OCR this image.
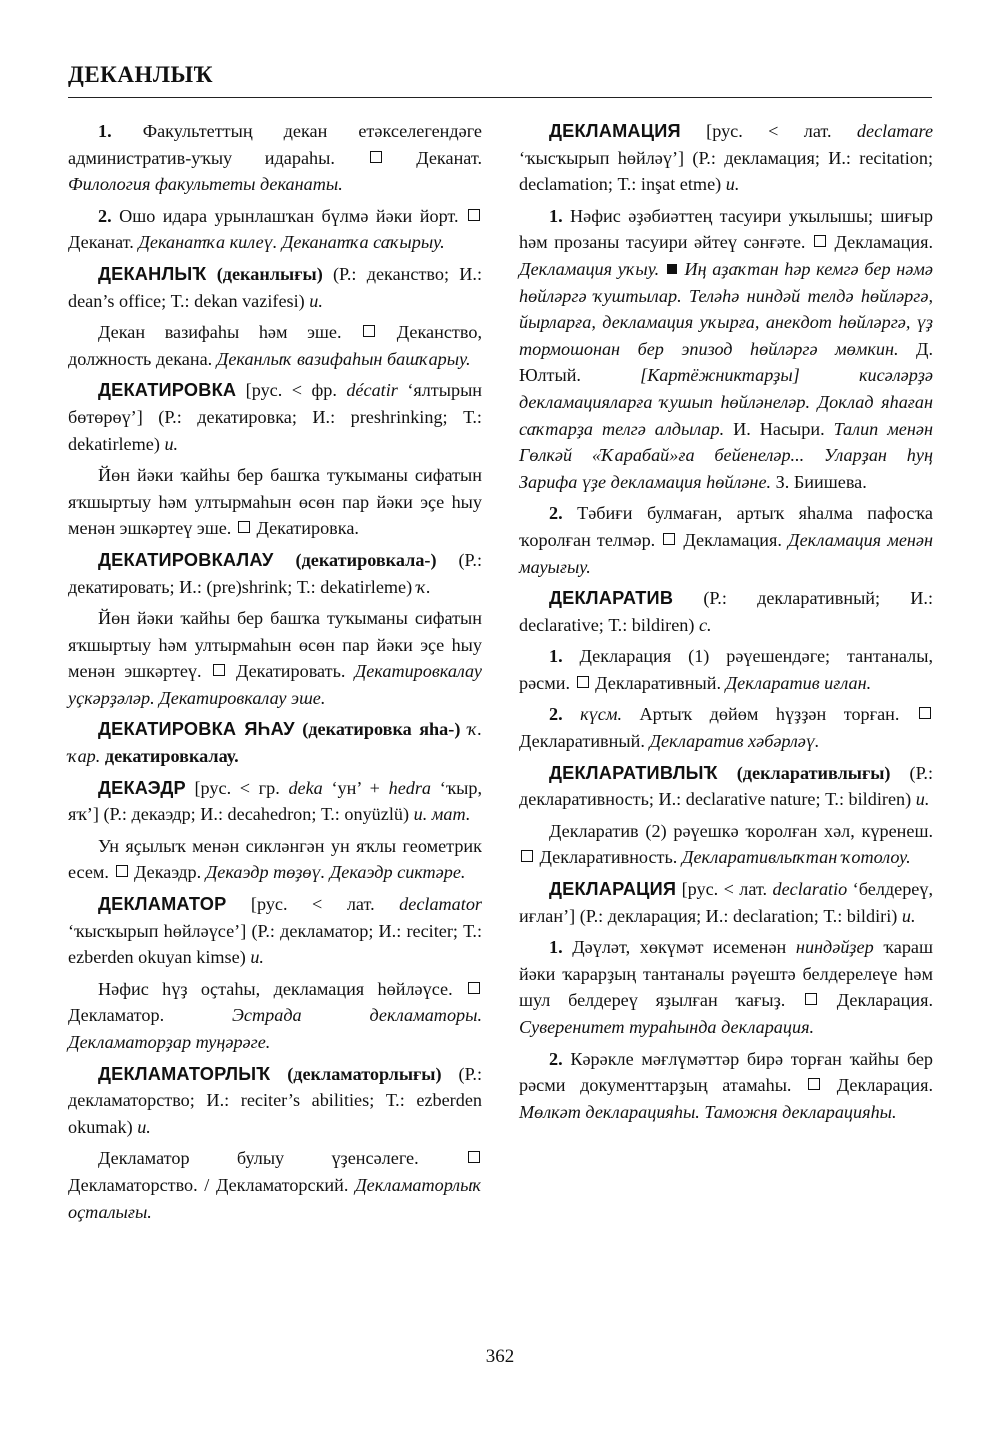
ДЕКАНЛЫҠ

1. Факультеттың декан етәкселегендәге административ-уҡыу идараһы.	Деканат. Филология факультеты деканаты.

2. Ошо идара урынлашҡан бүлмә йәки йорт.  Деканат. Деканатҡа килеү. Деканатҡа саҡырыу.

ДЕКАНЛЫҠ (деканлығы) (Р.: деканство; И.: dean’s office; Т.: dekan vazifesi) и.

Декан вазифаһы һәм эше.	Деканство, должность декана. Деканлыҡ вазифаһын башҡарыу.

ДЕКАТИРОВКА [рус. < фр. décatir ‘ялтырын бөтөрөү’] (Р.: декатировка; И.: preshrinking; Т.: dekatirleme) и.

Йөн йәки ҡайһы бер башҡа туҡыманы сифатын яҡшыртыу һәм ултырмаһын өсөн пар йәки эҫе һыу менән эшкәртеү эше. Декатировка.

ДЕКАТИРОВКАЛАУ (декатировкала-) (Р.: декатировать; И.: (pre)shrink; Т.: dekatirleme) ҡ.

Йөн йәки ҡайһы бер башҡа туҡыманы сифатын яҡшыртыу һәм ултырмаһын өсөн пар йәки эҫе һыу менән эшкәртеү. Декатировать. Декатировкалау уҫкәрҙәләр. Декатировкалау эше.

ДЕКАТИРОВКА ЯҺАУ (декатировка яһа-) ҡ. ҡар. декатировкалау.

ДЕКАЭДР [рус. < гр. deka ‘ун’ + hedra ‘ҡыр, яҡ’] (Р.: декаэдр; И.: decahedron; Т.: onyüzlü) и. мат.

Ун яҫылыҡ менән сикләнгән ун яҡлы геометрик есем. Декаэдр. Декаэдр төҙөү. Декаэдр сиктәре.

ДЕКЛАМАТОР [рус. < лат. declamator ‘ҡысҡырып һөйләүсе’] (Р.: декламатор; И.: reciter; Т.: ezberden okuyan kimse) и.

Нәфис һүҙ оҫтаһы, декламация һөйләүсе.  Декламатор.	Эстрада декламаторы. Декламаторҙар туңәрәге.

ДЕКЛАМАТОРЛЫҠ (декламаторлығы) (Р.: декламаторство; И.: reciter’s abilities; Т.: ezberden okumak) и.

Декламатор булыу үҙенсәлеге.  Декламаторство. / Декламаторский. Декламаторлыҡ оҫталығы.

ДЕКЛАМАЦИЯ [рус. < лат. declamare ‘ҡысҡырып һөйләү’] (Р.: декламация; И.: recitation; declamation; Т.: inşat etme) и.

1. Нәфис әҙәбиәттең тасуири уҡылышы; шиғыр һәм прозаны тасуири әйтеү сәнғәте. Декламация. Декламация уҡыу. Иң аҙаҡтан һәр кемгә бер нәмә һөйләргә ҡуштылар. Теләһә ниндәй телдә һөйләргә, йырларға, декламация уҡырға, анекдот һөйләргә, үҙ тормошонан бер эпизод һөйләргә мөмкин. Д. Юлтый.	[Картёжниктарҙы] кисәләрҙә декламацияларға ҡушып һөйләнеләр. Доклад яһаған саҡтарҙа телгә алдылар. И. Насыри. Талип менән Гөлкәй «Ҡарабай»ға бейенеләр... Уларҙан һуң Зарифа үҙе декламация һөйләне. З. Биишева.

2. Тәбиғи булмаған, артыҡ яһалма пафосҡа ҡоролған телмәр. Декламация. Декламация менән мауығыу.

ДЕКЛАРАТИВ (Р.: декларативный; И.: declarative; Т.: bildiren) с.

1. Декларация (1) рәүешендәге; тантаналы, рәсми. Декларативный. Декларатив иғлан.

2. күсм. Артыҡ дөйөм һүҙҙән торған.  Декларативный. Декларатив хәбәрләү.

ДЕКЛАРАТИВЛЫҠ (декларативлығы) (Р.: декларативность; И.: declarative nature; Т.: bildiren) и.

Декларатив (2) рәүешкә ҡоролған хәл, күренеш.  Декларативность. Декларативлыҡтан ҡотолоу.

ДЕКЛАРАЦИЯ [рус. < лат. declaratio ‘белдереү, иғлан’] (Р.: декларация; И.: declaration; Т.: bildiri) и.

1. Дәүләт, хөкүмәт исеменән ниндәйҙер ҡараш йәки ҡарарҙың тантаналы рәүештә белдерелеүе һәм шул белдереү яҙылған ҡағыҙ.	Декларация. Суверенитет тураһында декларация.

2. Кәрәкле мәғлүмәттәр бирә торған ҡайһы бер рәсми документтарҙың атамаһы. Декларация. Мөлкәт декларацияһы. Таможня декларацияһы.

362
